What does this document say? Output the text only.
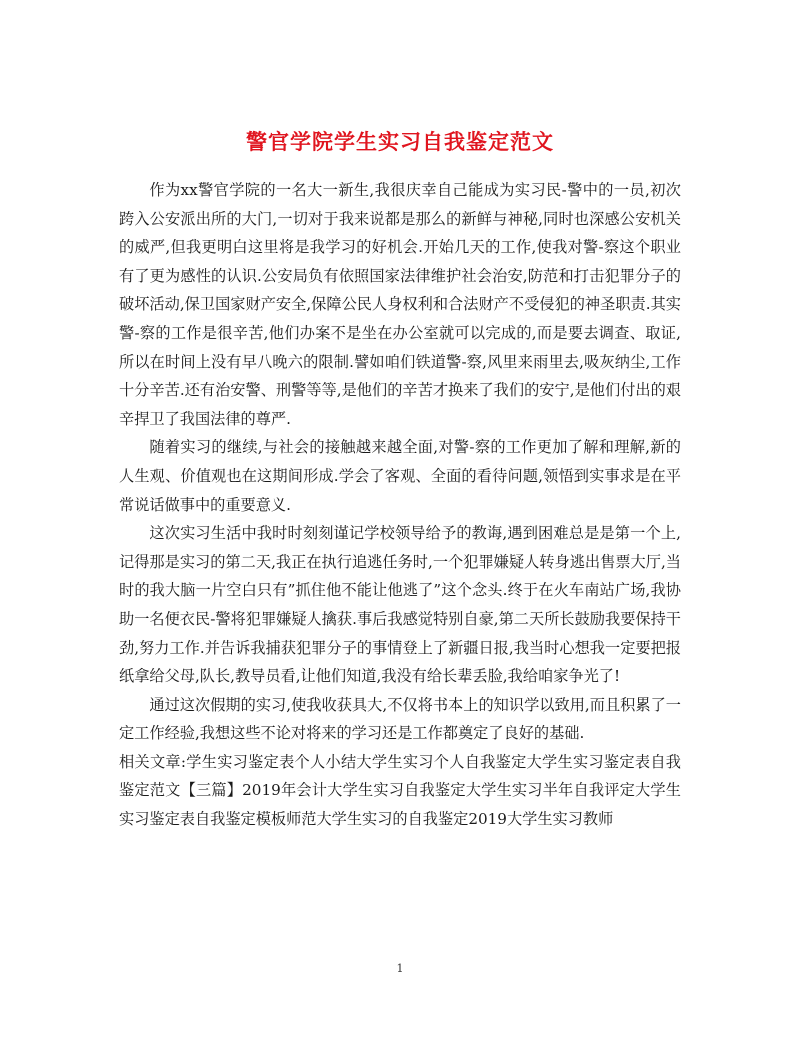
警官学院学生实习自我鉴定范文

作为xx警官学院的一名大一新生,我很庆幸自己能成为实习民-警中的一员,初次跨入公安派出所的大门,一切对于我来说都是那么的新鲜与神秘,同时也深感公安机关的威严,但我更明白这里将是我学习的好机会.开始几天的工作,使我对警-察这个职业有了更为感性的认识.公安局负有依照国家法律维护社会治安,防范和打击犯罪分子的破坏活动,保卫国家财产安全,保障公民人身权利和合法财产不受侵犯的神圣职责.其实警-察的工作是很辛苦,他们办案不是坐在办公室就可以完成的,而是要去调查、取证,所以在时间上没有早八晚六的限制.譬如咱们铁道警-察,风里来雨里去,吸灰纳尘,工作十分辛苦.还有治安警、刑警等等,是他们的辛苦才换来了我们的安宁,是他们付出的艰辛捍卫了我国法律的尊严.

随着实习的继续,与社会的接触越来越全面,对警-察的工作更加了解和理解,新的人生观、价值观也在这期间形成.学会了客观、全面的看待问题,领悟到实事求是在平常说话做事中的重要意义.

这次实习生活中我时时刻刻谨记学校领导给予的教诲,遇到困难总是是第一个上,记得那是实习的第二天,我正在执行追逃任务时,一个犯罪嫌疑人转身逃出售票大厅,当时的我大脑一片空白只有”抓住他不能让他逃了”这个念头.终于在火车南站广场,我协助一名便衣民-警将犯罪嫌疑人擒获.事后我感觉特别自豪,第二天所长鼓励我要保持干劲,努力工作.并告诉我捕获犯罪分子的事情登上了新疆日报,我当时心想我一定要把报纸拿给父母,队长,教导员看,让他们知道,我没有给长辈丢脸,我给咱家争光了!

通过这次假期的实习,使我收获具大,不仅将书本上的知识学以致用,而且积累了一定工作经验,我想这些不论对将来的学习还是工作都奠定了良好的基础.

相关文章:学生实习鉴定表个人小结大学生实习个人自我鉴定大学生实习鉴定表自我鉴定范文【三篇】2019年会计大学生实习自我鉴定大学生实习半年自我评定大学生实习鉴定表自我鉴定模板师范大学生实习的自我鉴定2019大学生实习教师

1
